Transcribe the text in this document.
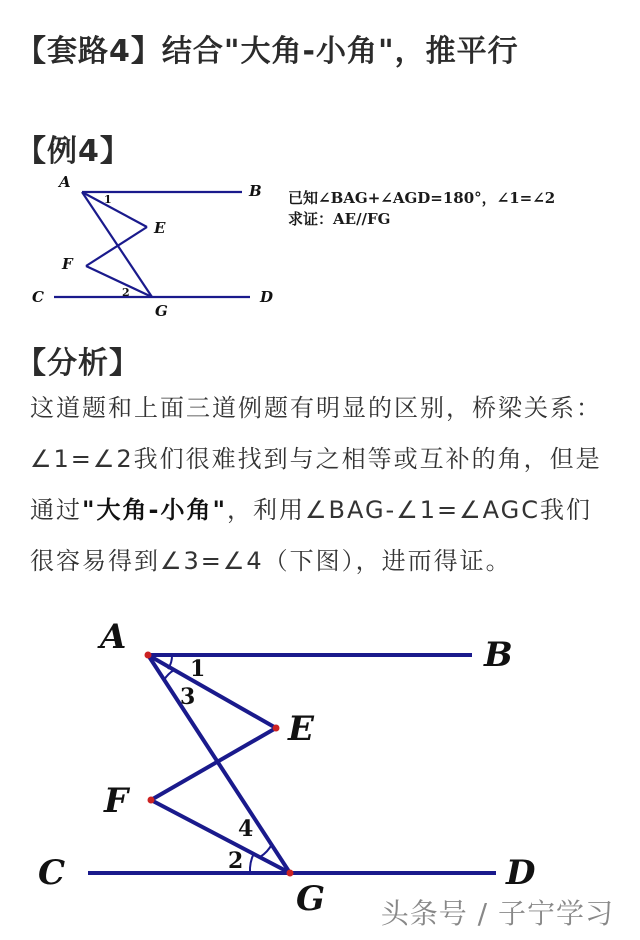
【套路4】结合"大角-小角"，推平行
【例4】
A	B
C	D
E
F
G
1
2
已知∠BAG+∠AGD=180°，∠1=∠2
求证：AE//FG
【分析】
这道题和上面三道例题有明显的区别，桥梁关系：∠1=∠2我们很难找到与之相等或互补的角，但是通过"大角-小角"，利用∠BAG-∠1=∠AGC我们很容易得到∠3=∠4（下图），进而得证。
A	B
C	D
E
F
G
1
3
4
2
头条号 / 子宁学习
